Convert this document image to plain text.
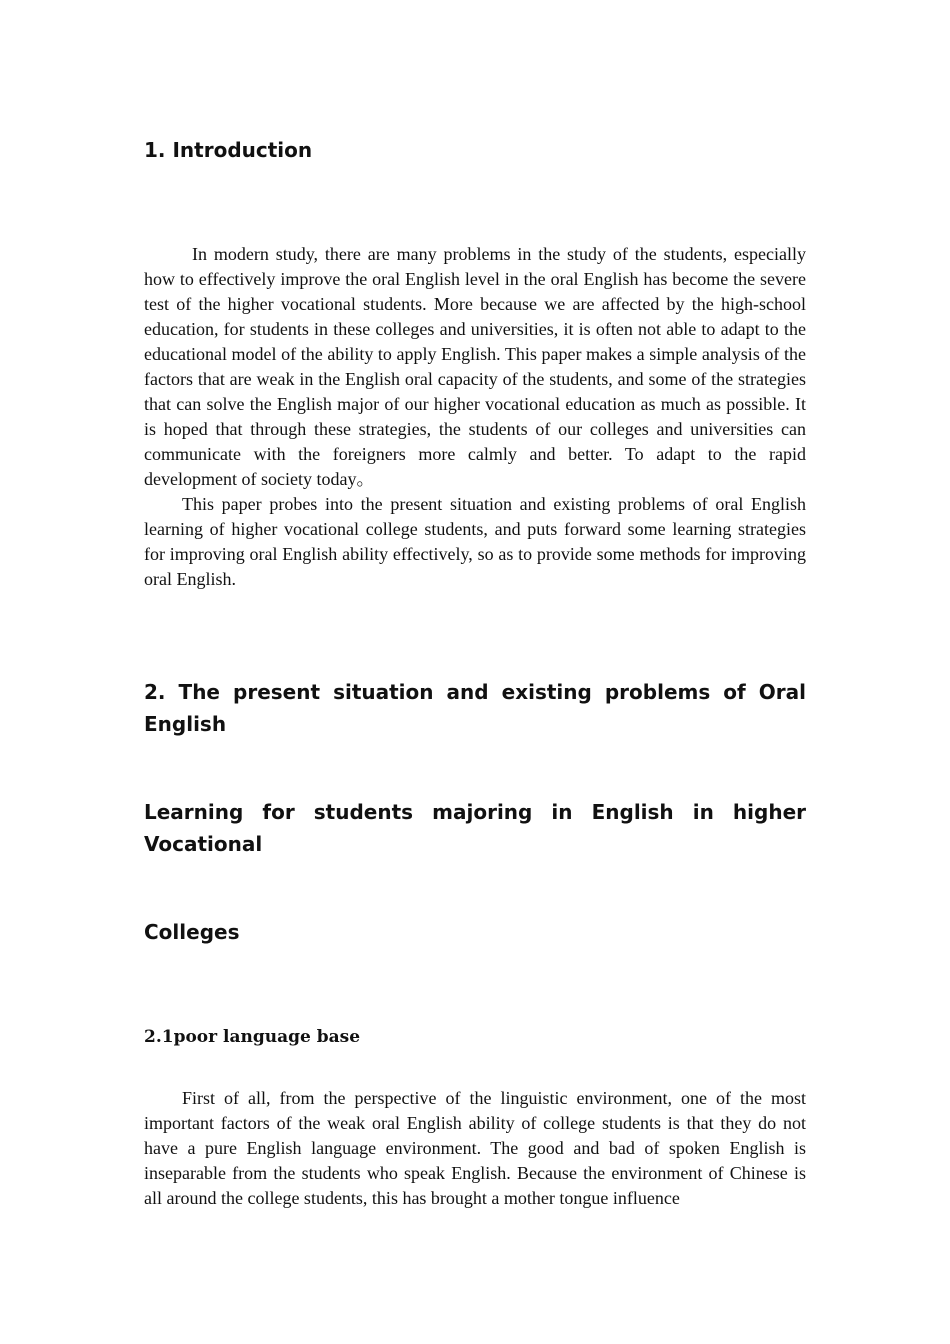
1. Introduction

In modern study, there are many problems in the study of the students, especially how to effectively improve the oral English level in the oral English has become the severe test of the higher vocational students. More because we are affected by the high-school education, for students in these colleges and universities, it is often not able to adapt to the educational model of the ability to apply English. This paper makes a simple analysis of the factors that are weak in the English oral capacity of the students, and some of the strategies that can solve the English major of our higher vocational education as much as possible. It is hoped that through these strategies, the students of our colleges and universities can communicate with the foreigners more calmly and better. To adapt to the rapid development of society today。

This paper probes into the present situation and existing problems of oral English learning of higher vocational college students, and puts forward some learning strategies for improving oral English ability effectively, so as to provide some methods for improving oral English.

2. The present situation and existing problems of Oral English
Learning for students majoring in English in higher Vocational
Colleges
2.1poor language base

First of all, from the perspective of the linguistic environment, one of the most important factors of the weak oral English ability of college students is that they do not have a pure English language environment. The good and bad of spoken English is inseparable from the students who speak English. Because the environment of Chinese is all around the college students, this has brought a mother tongue influence
